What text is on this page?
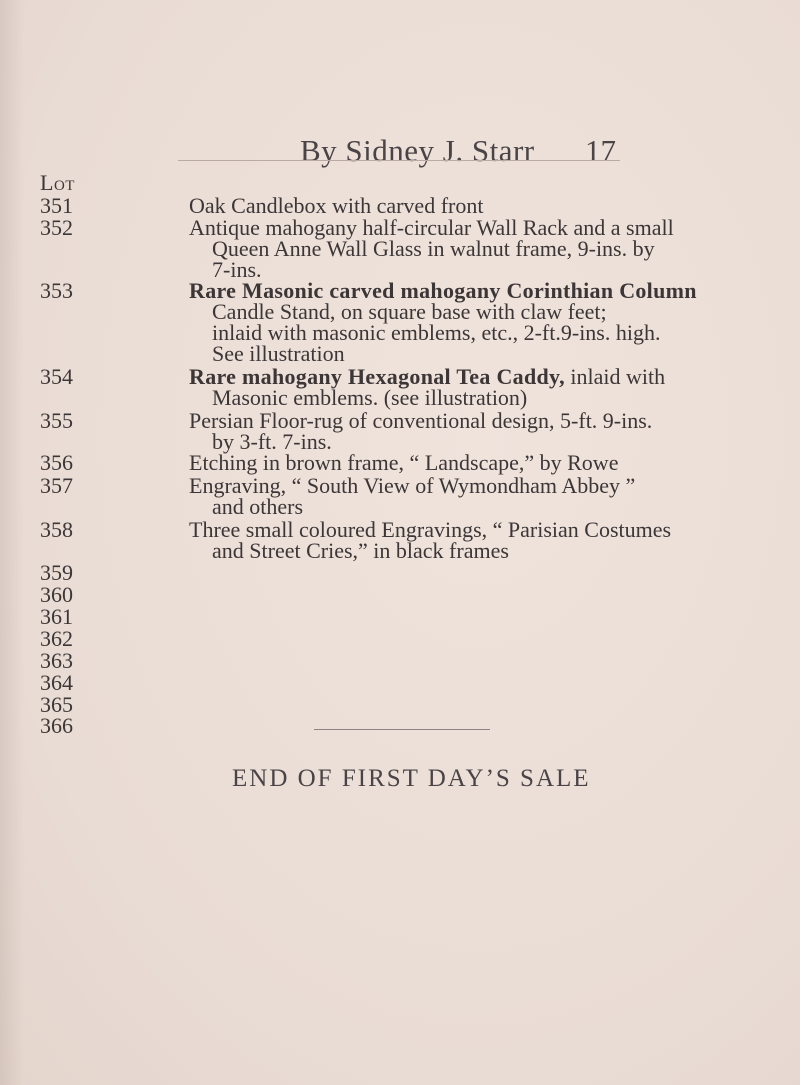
By Sidney J. Starr 17
Lot
351
352
353
354
355
356
357
358
359
360
361
362
363
364
365
366
Oak Candlebox with carved front
Antique mahogany half-circular Wall Rack and a small
Queen Anne Wall Glass in walnut frame, 9-ins. by
7-ins.
Rare Masonic carved mahogany Corinthian Column
Candle Stand, on square base with claw feet;
inlaid with masonic emblems, etc., 2-ft.9-ins. high.
See illustration
Rare mahogany Hexagonal Tea Caddy, inlaid with
Masonic emblems. (see illustration)
Persian Floor-rug of conventional design, 5-ft. 9-ins.
by 3-ft. 7-ins.
Etching in brown frame, “ Landscape,” by Rowe
Engraving, “ South View of Wymondham Abbey ”
and others
Three small coloured Engravings, “ Parisian Costumes
and Street Cries,” in black frames
END OF FIRST DAY’S SALE
